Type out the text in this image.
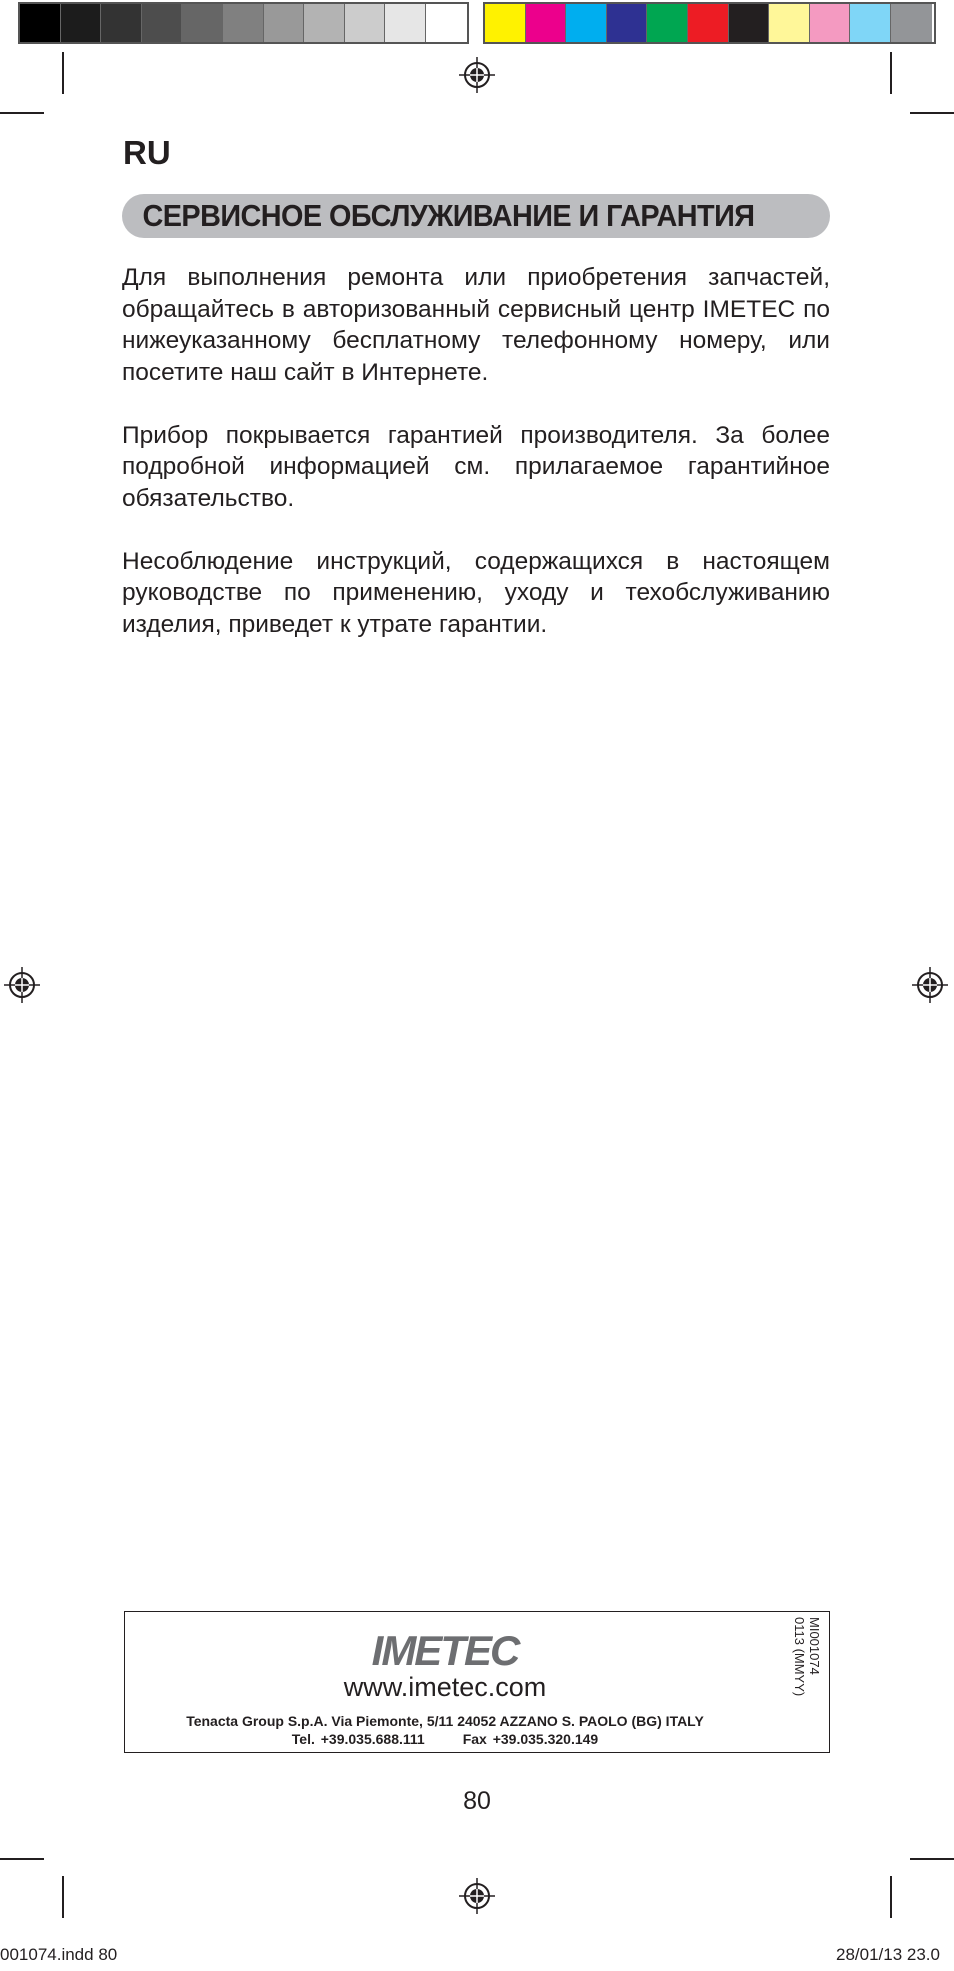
RU
СЕРВИСНОЕ ОБСЛУЖИВАНИЕ И ГАРАНТИЯ

Для выполнения ремонта или приобретения запчастей, обращайтесь в авторизованный сервисный центр IMETEC по нижеуказанному бесплатному телефонному номеру, или посетите наш сайт в Интернете.

Прибор покрывается гарантией производителя. За более подробной информацией см. прилагаемое гарантийное обязательство.

Несоблюдение инструкций, содержащихся в настоящем руководстве по применению, уходу и техобслуживанию изделия, приведет к утрате гарантии.

IMETEC
www.imetec.com
Tenacta Group S.p.A. Via Piemonte, 5/11 24052 AZZANO S. PAOLO (BG) ITALY
Tel. +39.035.688.111	Fax +39.035.320.149
MI001074
0113 (MMYY)
80
001074.indd 80	28/01/13 23.0
